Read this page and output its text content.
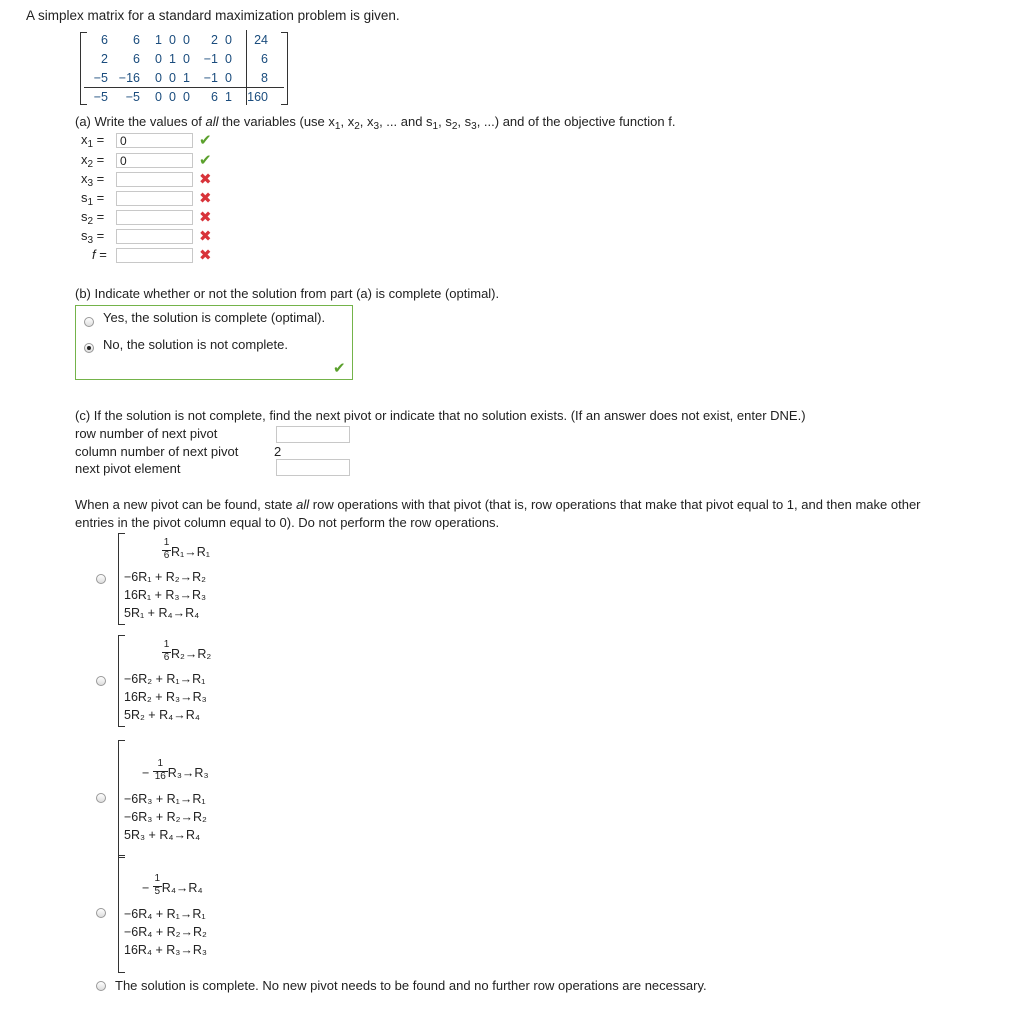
A simplex matrix for a standard maximization problem is given.
6	6	1	0	0	2	0	24
2	6	0	1	0	−1	0	6
−5	−16	0	0	1	−1	0	8
−5	−5	0	0	0	6	1	160
(a) Write the values of all the variables (use $x_1$, $x_2$, $x_3$, ... and $s_1$, $s_2$, $s_3$, ...) and of the objective function f.
$x_1$ =	0	✔
$x_2$ =	0	✔
$x_3$ =	✖
$s_1$ =	✖
$s_2$ =	✖
$s_3$ =	✖
f =	✖
(b) Indicate whether or not the solution from part (a) is complete (optimal).
Yes, the solution is complete (optimal).
No, the solution is not complete.
✔
(c) If the solution is not complete, find the next pivot or indicate that no solution exists. (If an answer does not exist, enter DNE.)
row number of next pivot
column number of next pivot	2
next pivot element
When a new pivot can be found, state all row operations with that pivot (that is, row operations that make that pivot equal to 1, and then make other
entries in the pivot column equal to 0). Do not perform the row operations.
$\frac{1}{6} R_1\to R_1$
−6R₁ + R₂→R₂
16R₁ + R₃→R₃
5R₁ + R₄→R₄
$\frac{1}{6} R_2\to R_2$
−6R₂ + R₁→R₁
16R₂ + R₃→R₃
5R₂ + R₄→R₄
− $\frac{1}{16} R_3\to R_3$
−6R₃ + R₁→R₁
−6R₃ + R₂→R₂
5R₃ + R₄→R₄
− $\frac{1}{5} R_4\to R_4$
−6R₄ + R₁→R₁
−6R₄ + R₂→R₂
16R₄ + R₃→R₃
The solution is complete. No new pivot needs to be found and no further row operations are necessary.
